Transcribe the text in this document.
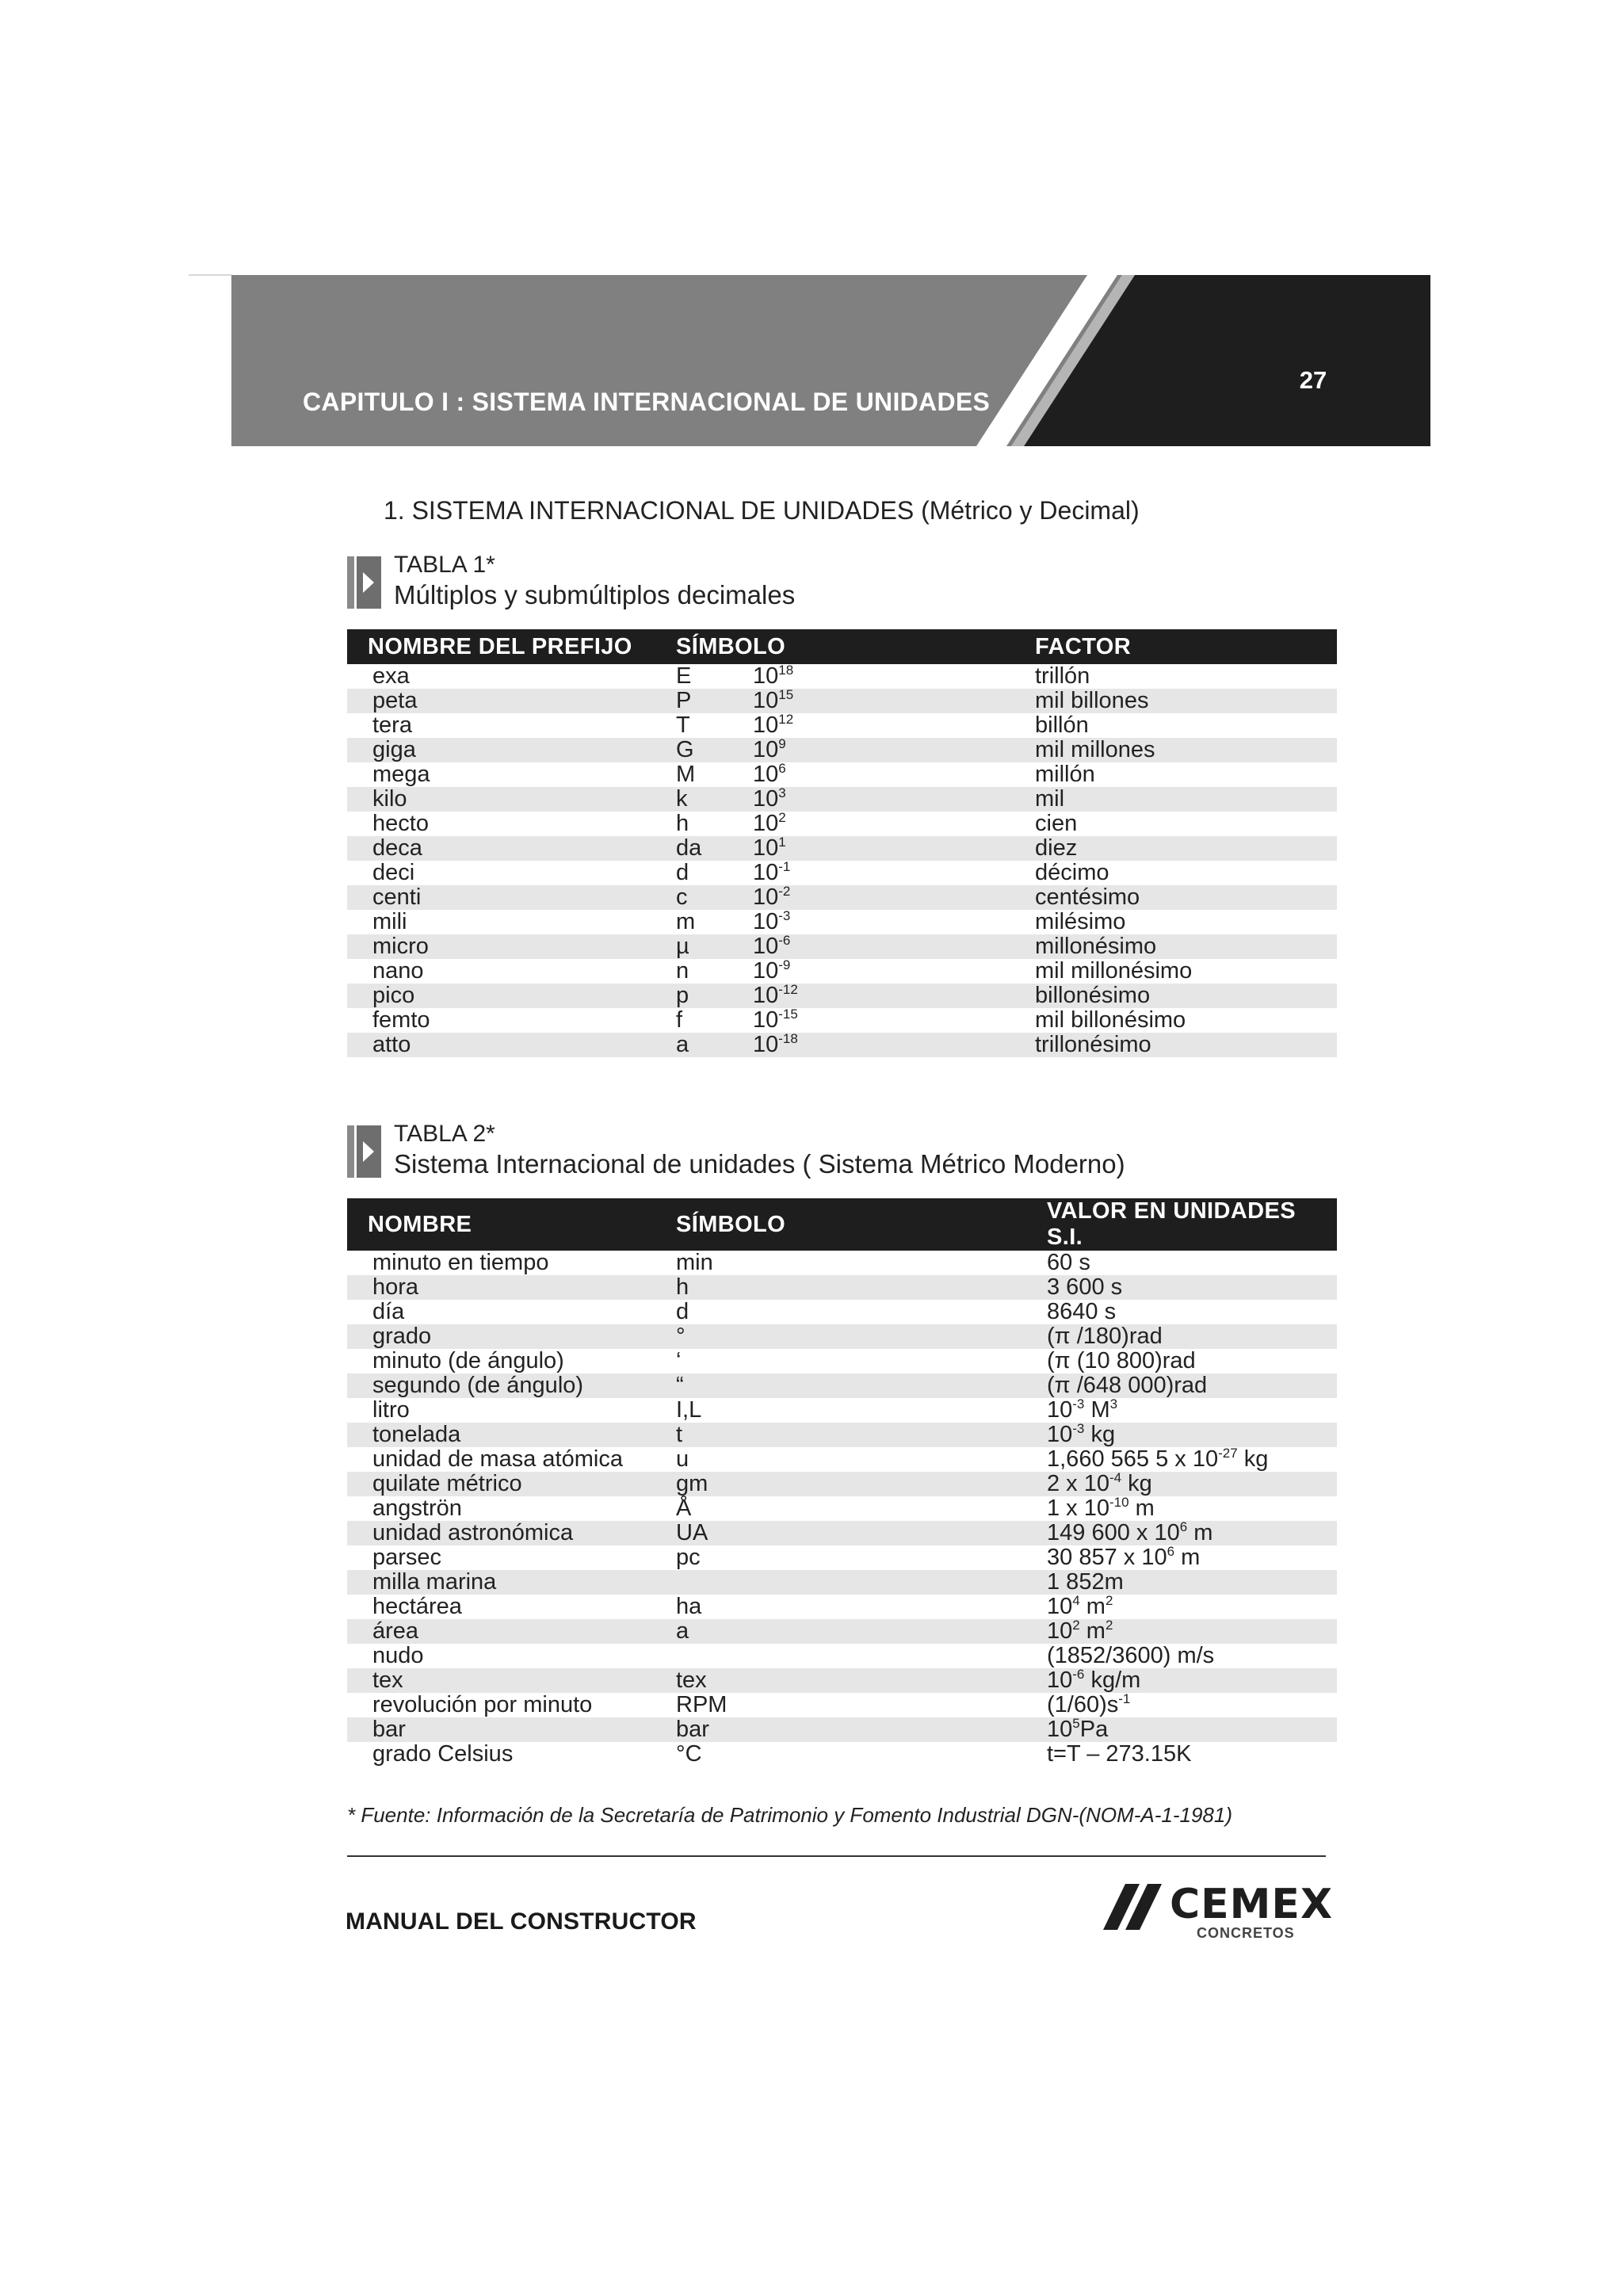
CAPITULO I : SISTEMA INTERNACIONAL DE UNIDADES
27
1. SISTEMA INTERNACIONAL DE UNIDADES (Métrico y Decimal)
TABLA 1*
Múltiplos y submúltiplos decimales
NOMBRE DEL PREFIJO	SÍMBOLO		FACTOR
exa	E	$10^{18}$	trillón
peta	P	$10^{15}$	mil billones
tera	T	$10^{12}$	billón
giga	G	$10^9$	mil millones
mega	M	$10^6$	millón
kilo	k	$10^3$	mil
hecto	h	$10^2$	cien
deca	da	$10^1$	diez
deci	d	$10^{-1}$	décimo
centi	c	$10^{-2}$	centésimo
mili	m	$10^{-3}$	milésimo
micro	µ	$10^{-6}$	millonésimo
nano	n	$10^{-9}$	mil millonésimo
pico	p	$10^{-12}$	billonésimo
femto	f	$10^{-15}$	mil billonésimo
atto	a	$10^{-18}$	trillonésimo
TABLA 2*
Sistema Internacional de unidades ( Sistema Métrico Moderno)
NOMBRE	SÍMBOLO	VALOR EN UNIDADES S.I.
minuto en tiempo	min	60 s
hora	h	3 600 s
día	d	8640 s
grado	°	(π /180)rad
minuto (de ángulo)	‘	(π (10 800)rad
segundo (de ángulo)	“	(π /648 000)rad
litro	I,L	$10^{-3}$ $M^3$
tonelada	t	$10^{-3}$ kg
unidad de masa atómica	u	1,660 565 5 x $10^{-27}$ kg
quilate métrico	gm	2 x $10^{-4}$ kg
angströn	Å	1 x $10^{-10}$ m
unidad astronómica	UA	149 600 x $10^6$ m
parsec	pc	30 857 x $10^6$ m
milla marina		1 852m
hectárea	ha	$10^4$ $m^2$
área	a	$10^2$ $m^2$
nudo		(1852/3600) m/s
tex	tex	$10^{-6}$ kg/m
revolución por minuto	RPM	$(1/60)s^{-1}$
bar	bar	$10^5Pa$
grado Celsius	°C	t=T – 273.15K
* Fuente: Información de la Secretaría de Patrimonio y Fomento Industrial DGN-(NOM-A-1-1981)
MANUAL DEL CONSTRUCTOR	CEMEX
CONCRETOS
